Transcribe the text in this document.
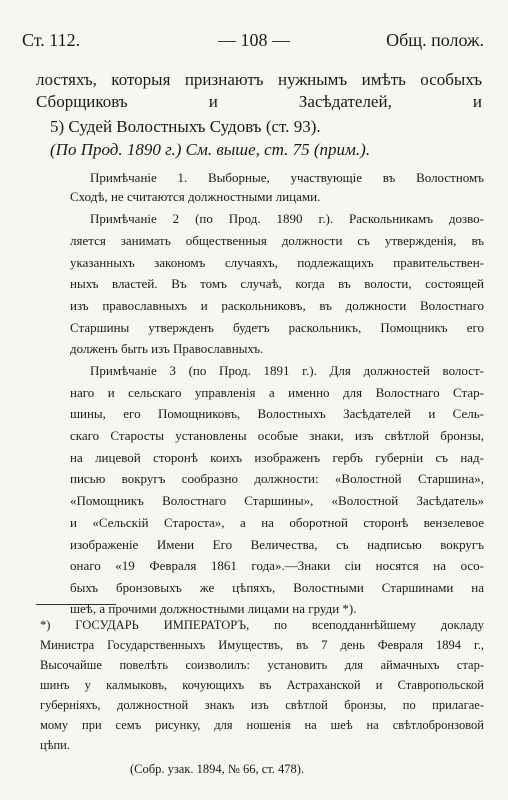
Ст. 112.	— 108 —	Общ. полож.
лостяхъ, которыя признаютъ нужнымъ имѣть особыхъ
Сборщиковъ и Засѣдателей, и
5) Судей Волостныхъ Судовъ (ст. 93).
(По Прод. 1890 г.) См. выше, ст. 75 (прим.).
Примѣчаніе 1. Выборные, участвующіе въ Волостномъ
Сходѣ, не считаются должностными лицами.
Примѣчаніе 2 (по Прод. 1890 г.). Раскольникамъ дозво-
ляется занимать общественныя должности съ утвержденія, въ
указанныхъ закономъ случаяхъ, подлежащихъ правительствен-
ныхъ властей. Въ томъ случаѣ, когда въ волости, состоящей
изъ православныхъ и раскольниковъ, въ должности Волостнаго
Старшины утвержденъ будетъ раскольникъ, Помощникъ его
долженъ быть изъ Православныхъ.
Примѣчаніе 3 (по Прод. 1891 г.). Для должностей волост-
наго и сельскаго управленія а именно для Волостнаго Стар-
шины, его Помощниковъ, Волостныхъ Засѣдателей и Сель-
скаго Старосты установлены особые знаки, изъ свѣтлой бронзы,
на лицевой сторонѣ коихъ изображенъ гербъ губерніи съ над-
писью вокругъ сообразно должности: «Волостной Старшина»,
«Помощникъ Волостнаго Старшины», «Волостной Засѣдатель»
и «Сельскій Староста», а на оборотной сторонѣ вензелевое
изображеніе Имени Его Величества, съ надписью вокругъ
онаго «19 Февраля 1861 года».—Знаки сіи носятся на осо-
быхъ бронзовыхъ же цѣпяхъ, Волостными Старшинами на
шеѣ, а прочими должностными лицами на груди *).
*) ГОСУДАРЬ ИМПЕРАТОРЪ, по всеподданнѣйшему докладу
Министра Государственныхъ Имуществъ, въ 7 день Февраля 1894 г.,
Высочайше повелѣть соизволилъ: установить для аймачныхъ стар-
шинъ у калмыковъ, кочующихъ въ Астраханской и Ставропольской
губерніяхъ, должностной знакъ изъ свѣтлой бронзы, по прилагае-
мому при семъ рисунку, для ношенія на шеѣ на свѣтлобронзовой
цѣпи.
(Собр. узак. 1894, № 66, ст. 478).
